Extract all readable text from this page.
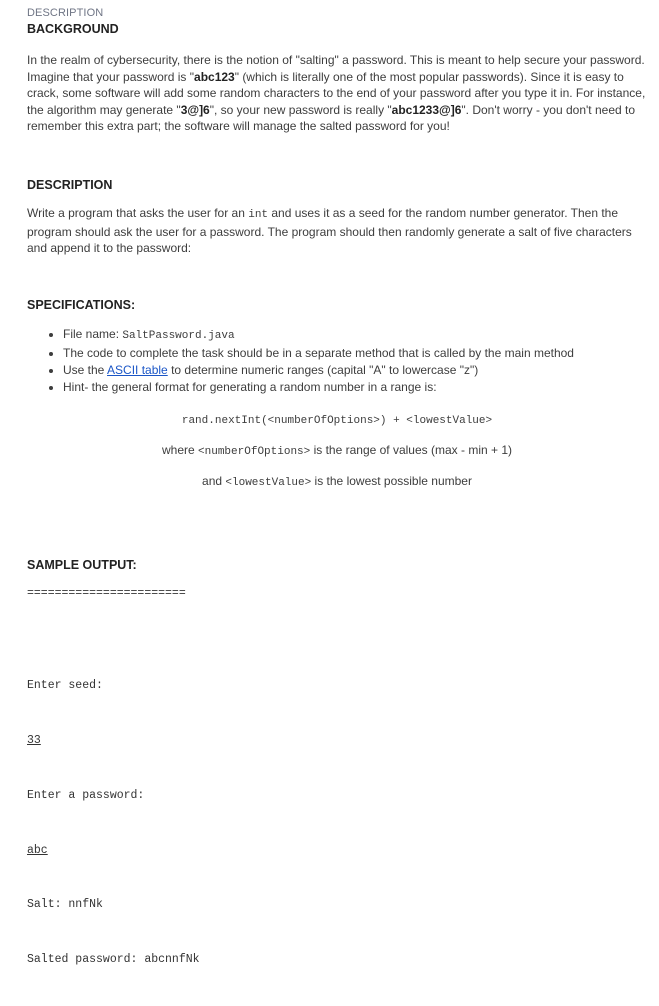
DESCRIPTION
BACKGROUND

In the realm of cybersecurity, there is the notion of "salting" a password. This is meant to help secure your password. Imagine that your password is "abc123" (which is literally one of the most popular passwords). Since it is easy to crack, some software will add some random characters to the end of your password after you type it in. For instance, the algorithm may generate "3@]6", so your new password is really "abc1233@]6". Don't worry - you don't need to remember this extra part; the software will manage the salted password for you!

DESCRIPTION

Write a program that asks the user for an int and uses it as a seed for the random number generator. Then the program should ask the user for a password. The program should then randomly generate a salt of five characters and append it to the password:

SPECIFICATIONS:
• File name: SaltPassword.java
• The code to complete the task should be in a separate method that is called by the main method
• Use the ASCII table to determine numeric ranges (capital "A" to lowercase "z")
• Hint- the general format for generating a random number in a range is:
rand.nextInt(<numberOfOptions>) + <lowestValue>
where <numberOfOptions> is the range of values (max - min + 1)
and <lowestValue> is the lowest possible number
SAMPLE OUTPUT:
=======================

Enter seed:

33

Enter a password:

abc

Salt: nnfNk

Salted password: abcnnfNk
